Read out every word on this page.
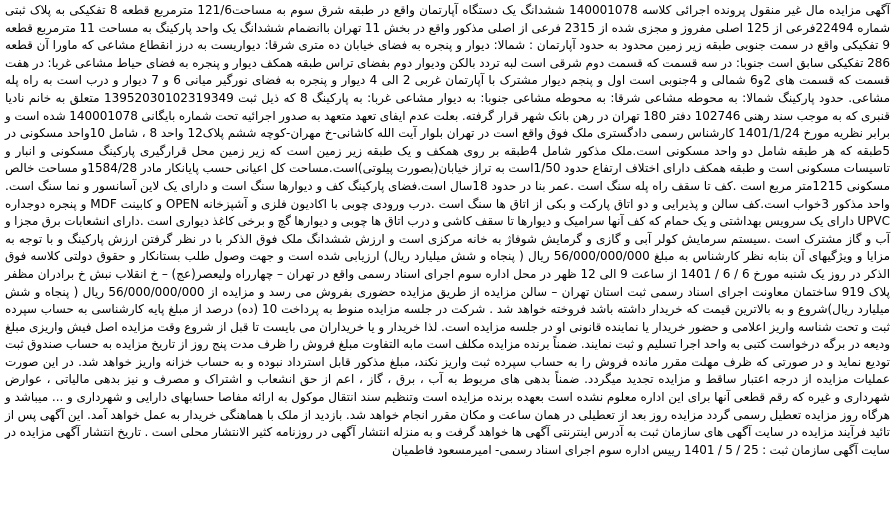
آگهی مزایده مال غیر منقول پرونده اجرائی کلاسه 140001078 ششدانگ یک دستگاه آپارتمان واقع در طبقه شرق سوم به مساحت121/6 مترمربع قطعه 8 تفکیکی به پلاک ثبتی شماره 22494فرعی از 125 اصلی مفروز و مجزی شده از 2315 فرعی از اصلی مذکور واقع در بخش 11 تهران باانضمام ششدانگ یک واحد پارکینگ به مساحت 11 مترمربع قطعه 9 تفکیکی واقع در سمت جنوبی طبقه زیر زمین محدود به حدود آپارتمان : شمالا: دیوار و پنجره به فضای خیابان ده متری شرقا: دیواریست به درز انقطاع مشاعی که ماورا آن قطعه 286 تفکیکی سابق است جنوبا: در سه قسمت که قسمت دوم شرقی است لبه تردد بالکن ودیوار دوم بفضای تراس طبقه همکف دیوار و پنجره به فضای حیاط مشاعی غربا: در هفت قسمت که قسمت های 2و6 شمالی و 4جنوبی است اول و پنجم دیوار مشترک با آپارتمان غربی 2 الی 4 دیوار و پنجره به فضای نورگیر میانی 6 و 7 دیوار و درب است به راه پله مشاعی. حدود پارکینگ شمالا: به محوطه مشاعی شرقا: به محوطه مشاعی جنوبا: به دیوار مشاعی غربا: به پارکینگ 8 که ذیل ثبت 13952030102319349 متعلق به خانم نادیا قنبری که به موجب سند رهنی 102746 دفتر 180 تهران در رهن بانک شهر قرار گرفته. بعلت عدم ایفای تعهد متعهد به صدور اجرائیه تحت شماره بایگانی 140001078 شده است و برابر نظریه مورخ 1401/1/24 کارشناس رسمی دادگستری ملک فوق واقع است در تهران بلوار آیت الله کاشانی-خ مهران-کوچه ششم پلاک12 واحد 8 ، شامل 10واحد مسکونی در 5طبقه که هر طبقه شامل دو واحد مسکونی است.ملک مذکور شامل 4طبقه بر روی همکف و یک طبقه زیر زمین است که زیر زمین محل قرارگیری پارکینگ مسکونی و انبار و تاسیسات مسکونی است و طبقه همکف دارای اختلاف ارتفاع حدود 1/50است به تراز خیابان(بصورت پیلوتی)است.مساحت کل اعیانی حسب پایانکار مادر 1584/28و مساحت خالص مسکونی 1215متر مربع است .کف تا سقف راه پله سنگ است .عمر بنا در حدود 18سال است.فضای پارکینگ کف و دیوارها سنگ است و دارای یک لاین آسانسور و نما سنگ است. واحد مذکور 3خواب است.کف سالن و پذیرایی و دو اتاق پارکت و بکی از اتاق ها سنگ است .درب ورودی چوبی با اکادیون فلزی و آشپزخانه OPEN و کابینت MDF و پنجره دوجداره UPVC دارای یک سرویس بهداشتی و یک حمام که کف آنها سرامیک و دیوارها تا سقف کاشی و درب اتاق ها چوبی و دیوارها گچ و برخی کاغذ دیواری است .دارای انشعابات برق مجزا و آب و گاز مشترک است .سیستم سرمایش کولر آبی و گازی و گرمایش شوفاژ به خانه مرکزی است و ارزش ششدانگ ملک فوق الذکر با در نظر گرفتن ارزش پارکینگ و با توجه به مزایا و ویژگیهای آن بنابه نظر کارشناس به مبلغ 56/000/000/000 ریال ( پنجاه و شش میلیارد ریال) ارزیابی شده است و جهت وصول طلب بستانکار و حقوق دولتی کلاسه فوق الذکر در روز یک شنبه مورخ 6 / 6 / 1401 از ساعت 9 الی 12 ظهر در محل اداره سوم اجرای اسناد رسمی واقع در تهران – چهارراه ولیعصر(عج) – خ انقلاب نبش خ برادران مظفر پلاک 919 ساختمان معاونت اجرای اسناد رسمی ثبت استان تهران – سالن مزایده از طریق مزایده حضوری بفروش می رسد و مزایده از 56/000/000/000 ریال ( پنجاه و شش میلیارد ریال)شروع و به بالاترین قیمت که خریدار داشته باشد فروخته خواهد شد . شرکت در جلسه مزایده منوط به پرداخت 10 (ده) درصد از مبلغ پایه کارشناسی به حساب سپرده ثبت و تحت شناسه واریز اعلامی و حضور خریدار یا نماینده قانونی او در جلسه مزایده است. لذا خریدار و یا خریداران می بایست تا قبل از شروع وقت مزایده اصل فیش واریزی مبلغ ودیعه در برگه درخواست کتبی به واحد اجرا تسلیم و ثبت نمایند. ضمناً برنده مزایده مکلف است مابه التفاوت مبلغ فروش را ظرف مدت پنج روز از تاریخ مزایده به حساب صندوق ثبت تودیع نماید و در صورتی که ظرف مهلت مقرر مانده فروش را به حساب سپرده ثبت واریز نکند، مبلغ مذکور قابل استرداد نبوده و به حساب خزانه واریز خواهد شد. در این صورت عملیات مزایده از درجه اعتبار ساقط و مزایده تجدید میگردد. ضمناً بدهی های مربوط به آب ، برق ، گاز ، اعم از حق انشعاب و اشتراک و مصرف و نیز بدهی مالیاتی ، عوارض شهرداری و غیره که رقم قطعی آنها برای این اداره معلوم نشده است بعهده برنده مزایده است وتنظیم سند انتقال موکول به ارائه مفاصا حسابهای دارایی و شهرداری و ... میباشد و هرگاه روز مزایده تعطیل رسمی گردد مزایده روز بعد از تعطیلی در همان ساعت و مکان مقرر انجام خواهد شد. بازدید از ملک با هماهنگی خریدار به عمل خواهد آمد. این آگهی پس از تائید فرآیند مزایده در سایت آگهی های سازمان ثبت به آدرس اینترنتی آگهی ها خواهد گرفت و به منزله انتشار آگهی در روزنامه کثیر الانتشار محلی است . تاریخ انتشار آگهی مزایده در سایت آگهی سازمان ثبت : 25 / 5 / 1401 رییس اداره سوم اجرای اسناد رسمی- امیرمسعود فاطمیان
